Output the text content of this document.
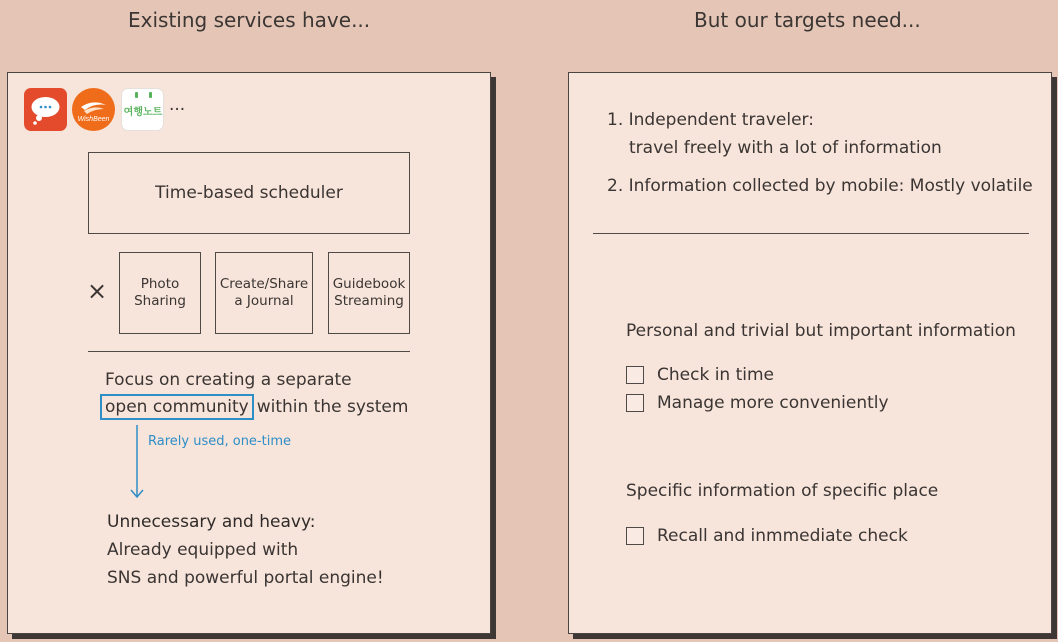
Existing services have...	But our targets need...
WishBeen
여행노트 ...
Time-based scheduler
×	Photo
Sharing
Create/Share
a Journal
Guidebook
Streaming
Focus on creating a separate
open community within the system
Rarely used, one-time
Unnecessary and heavy:
Already equipped with
SNS and powerful portal engine!
1. Independent traveler:
travel freely with a lot of information
2. Information collected by mobile: Mostly volatile
Personal and trivial but important information
Check in time
Manage more conveniently
Specific information of specific place
Recall and inmmediate check
